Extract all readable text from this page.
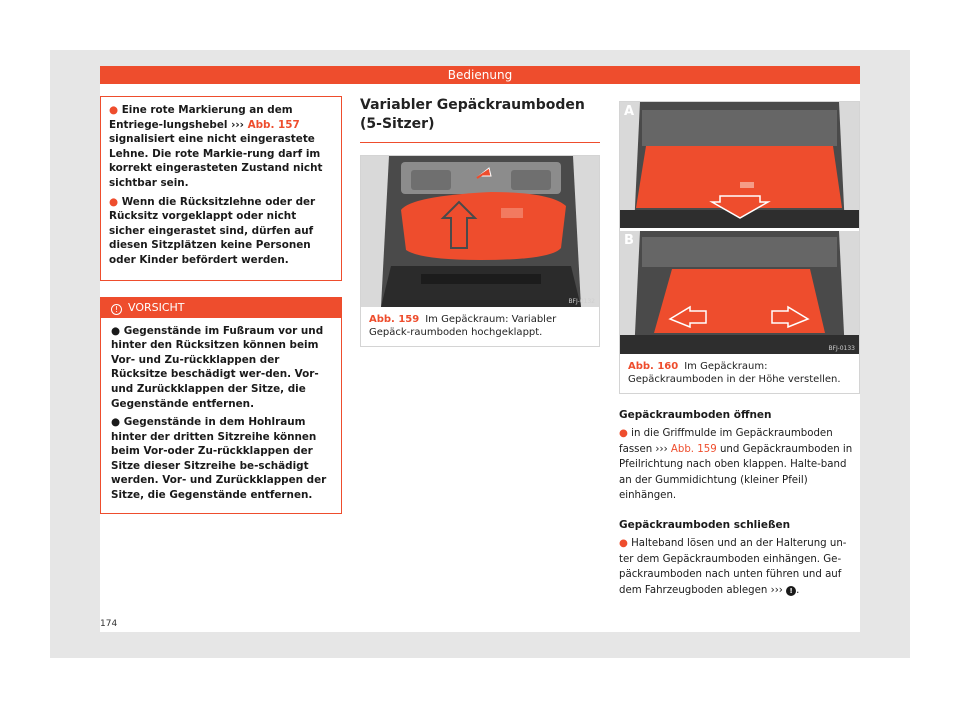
Bedienung

● Eine rote Markierung an dem Entriege-lungshebel ››› Abb. 157 signalisiert eine nicht eingerastete Lehne. Die rote Markie-rung darf im korrekt eingerasteten Zustand nicht sichtbar sein.

● Wenn die Rücksitzlehne oder der Rücksitz vorgeklappt oder nicht sicher eingerastet sind, dürfen auf diesen Sitzplätzen keine Personen oder Kinder befördert werden.

! VORSICHT

● Gegenstände im Fußraum vor und hinter den Rücksitzen können beim Vor- und Zu-rückklappen der Rücksitze beschädigt wer-den. Vor- und Zurückklappen der Sitze, die Gegenstände entfernen.

● Gegenstände in dem Hohlraum hinter der dritten Sitzreihe können beim Vor-oder Zu-rückklappen der Sitze dieser Sitzreihe be-schädigt werden. Vor- und Zurückklappen der Sitze, die Gegenstände entfernen.

Variabler Gepäckraumboden (5-Sitzer)
BFJ-0132

Abb. 159 Im Gepäckraum: Variabler Gepäck-raumboden hochgeklappt.

A
B
BFJ-0133

Abb. 160 Im Gepäckraum: Gepäckraumboden in der Höhe verstellen.

Gepäckraumboden öffnen

● in die Griffmulde im Gepäckraumboden fassen ››› Abb. 159 und Gepäckraumboden in Pfeilrichtung nach oben klappen. Halte-band an der Gummidichtung (kleiner Pfeil) einhängen.

Gepäckraumboden schließen

● Halteband lösen und an der Halterung un-ter dem Gepäckraumboden einhängen. Ge-päckraumboden nach unten führen und auf dem Fahrzeugboden ablegen ››› ! .

174
